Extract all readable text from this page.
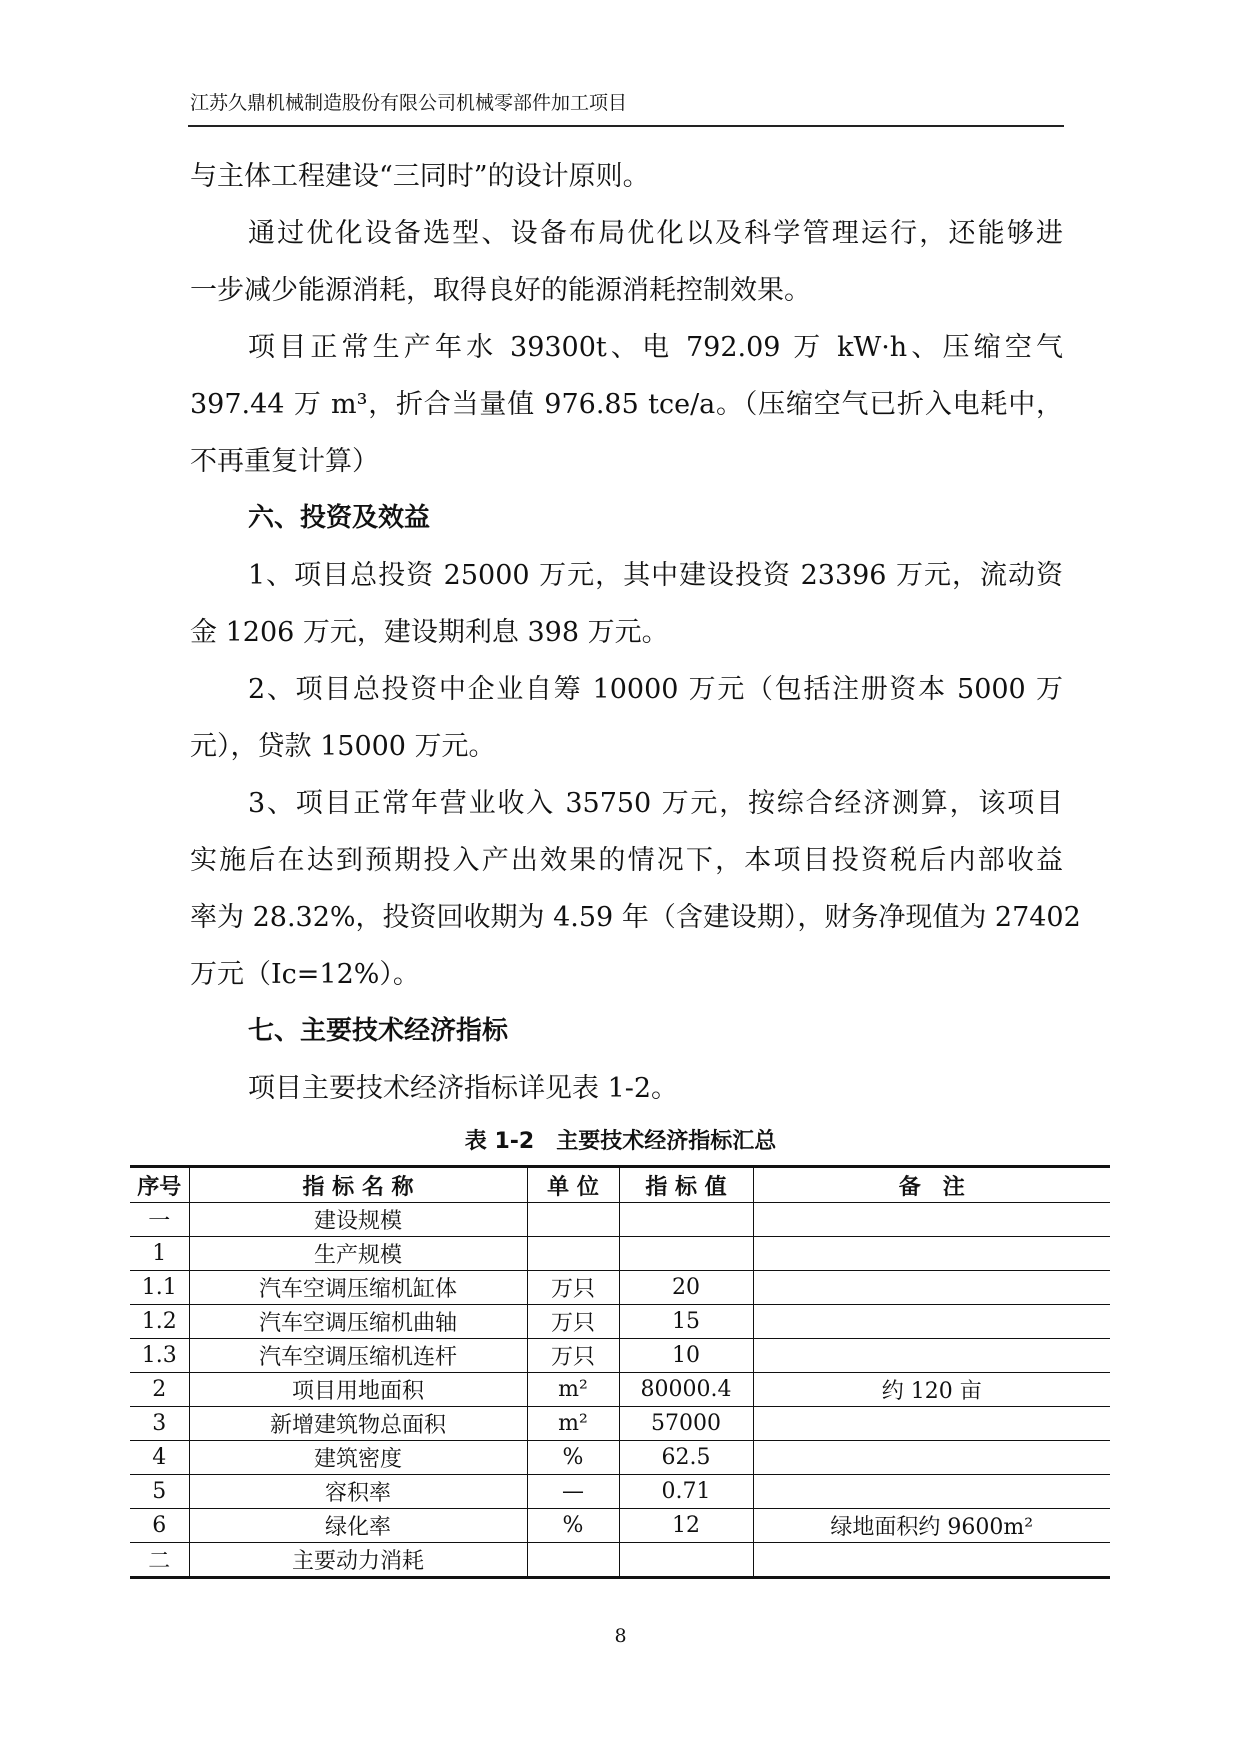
江苏久鼎机械制造股份有限公司机械零部件加工项目
与主体工程建设“三同时”的设计原则。
通过优化设备选型、设备布局优化以及科学管理运行，还能够进
一步减少能源消耗，取得良好的能源消耗控制效果。
项目正常生产年水 39300t、电 792.09 万 kW·h、压缩空气
397.44 万 m³，折合当量值 976.85 tce/a。（压缩空气已折入电耗中，
不再重复计算）
六、投资及效益
1、项目总投资 25000 万元，其中建设投资 23396 万元，流动资
金 1206 万元，建设期利息 398 万元。
2、项目总投资中企业自筹 10000 万元（包括注册资本 5000 万
元），贷款 15000 万元。
3、项目正常年营业收入 35750 万元，按综合经济测算，该项目
实施后在达到预期投入产出效果的情况下，本项目投资税后内部收益
率为 28.32%，投资回收期为 4.59 年（含建设期），财务净现值为 27402
万元（Ic=12%）。
七、主要技术经济指标
项目主要技术经济指标详见表 1-2。
表 1-2　主要技术经济指标汇总
序号	指 标 名 称	单 位	指 标 值	备　注
一	建设规模			
1	生产规模			
1.1	汽车空调压缩机缸体	万只	20	
1.2	汽车空调压缩机曲轴	万只	15	
1.3	汽车空调压缩机连杆	万只	10	
2	项目用地面积	m²	80000.4	约 120 亩
3	新增建筑物总面积	m²	57000	
4	建筑密度	%	62.5	
5	容积率	—	0.71	
6	绿化率	%	12	绿地面积约 9600m²
二	主要动力消耗			
8
